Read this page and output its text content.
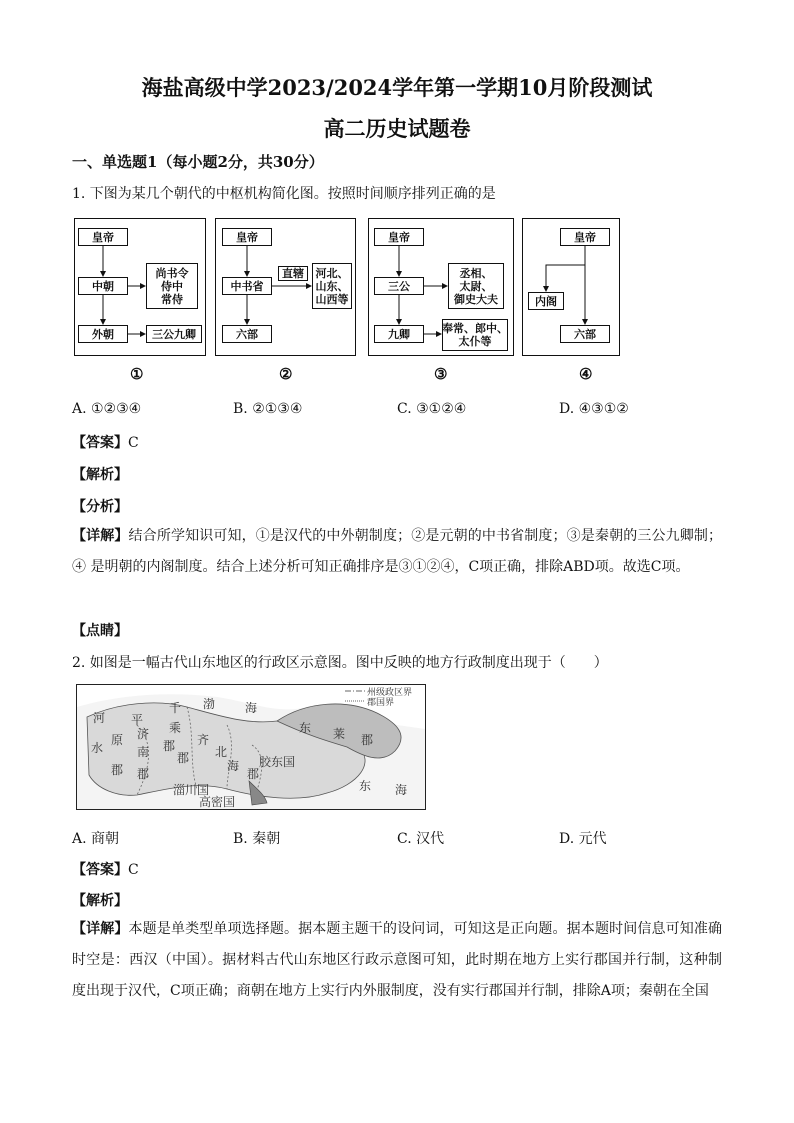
海盐高级中学2023/2024学年第一学期10月阶段测试
高二历史试题卷
一、单选题1（每小题2分，共30分）
1. 下图为某几个朝代的中枢机构简化图。按照时间顺序排列正确的是
皇帝
中朝
尚书令
侍中
常侍
外朝	三公九卿
①
皇帝
中书省
直辖	河北、
山东、
山西等
六部
②
皇帝
三公
丞相、
太尉、
御史大夫
九卿	奉常、郎中、
太仆等
③
皇帝
内阁
六部
④
A. ①②③④	B. ②①③④	C. ③①②④	D. ④③①②
【答案】C
【解析】
【分析】
【详解】结合所学知识可知，①是汉代的中外朝制度；②是元朝的中书省制度；③是秦朝的三公九卿制；④ 是明朝的内阁制度。结合上述分析可知正确排序是③①②④，C项正确，排除ABD项。故选C项。
【点睛】
2. 如图是一幅古代山东地区的行政区示意图。图中反映的地方行政制度出现于（　　）
州级政区界
郡国界
河
水
平
原
郡
千
乘
郡
济
南
郡
渤 海
齐
北
海
郡
胶东国
东 莱 郡
东 海
淄川国
高密国
郡
A. 商朝	B. 秦朝	C. 汉代	D. 元代
【答案】C
【解析】
【详解】本题是单类型单项选择题。据本题主题干的设问词，可知这是正向题。据本题时间信息可知准确时空是：西汉（中国）。据材料古代山东地区行政示意图可知，此时期在地方上实行郡国并行制，这种制度出现于汉代，C项正确；商朝在地方上实行内外服制度，没有实行郡国并行制，排除A项；秦朝在全国
